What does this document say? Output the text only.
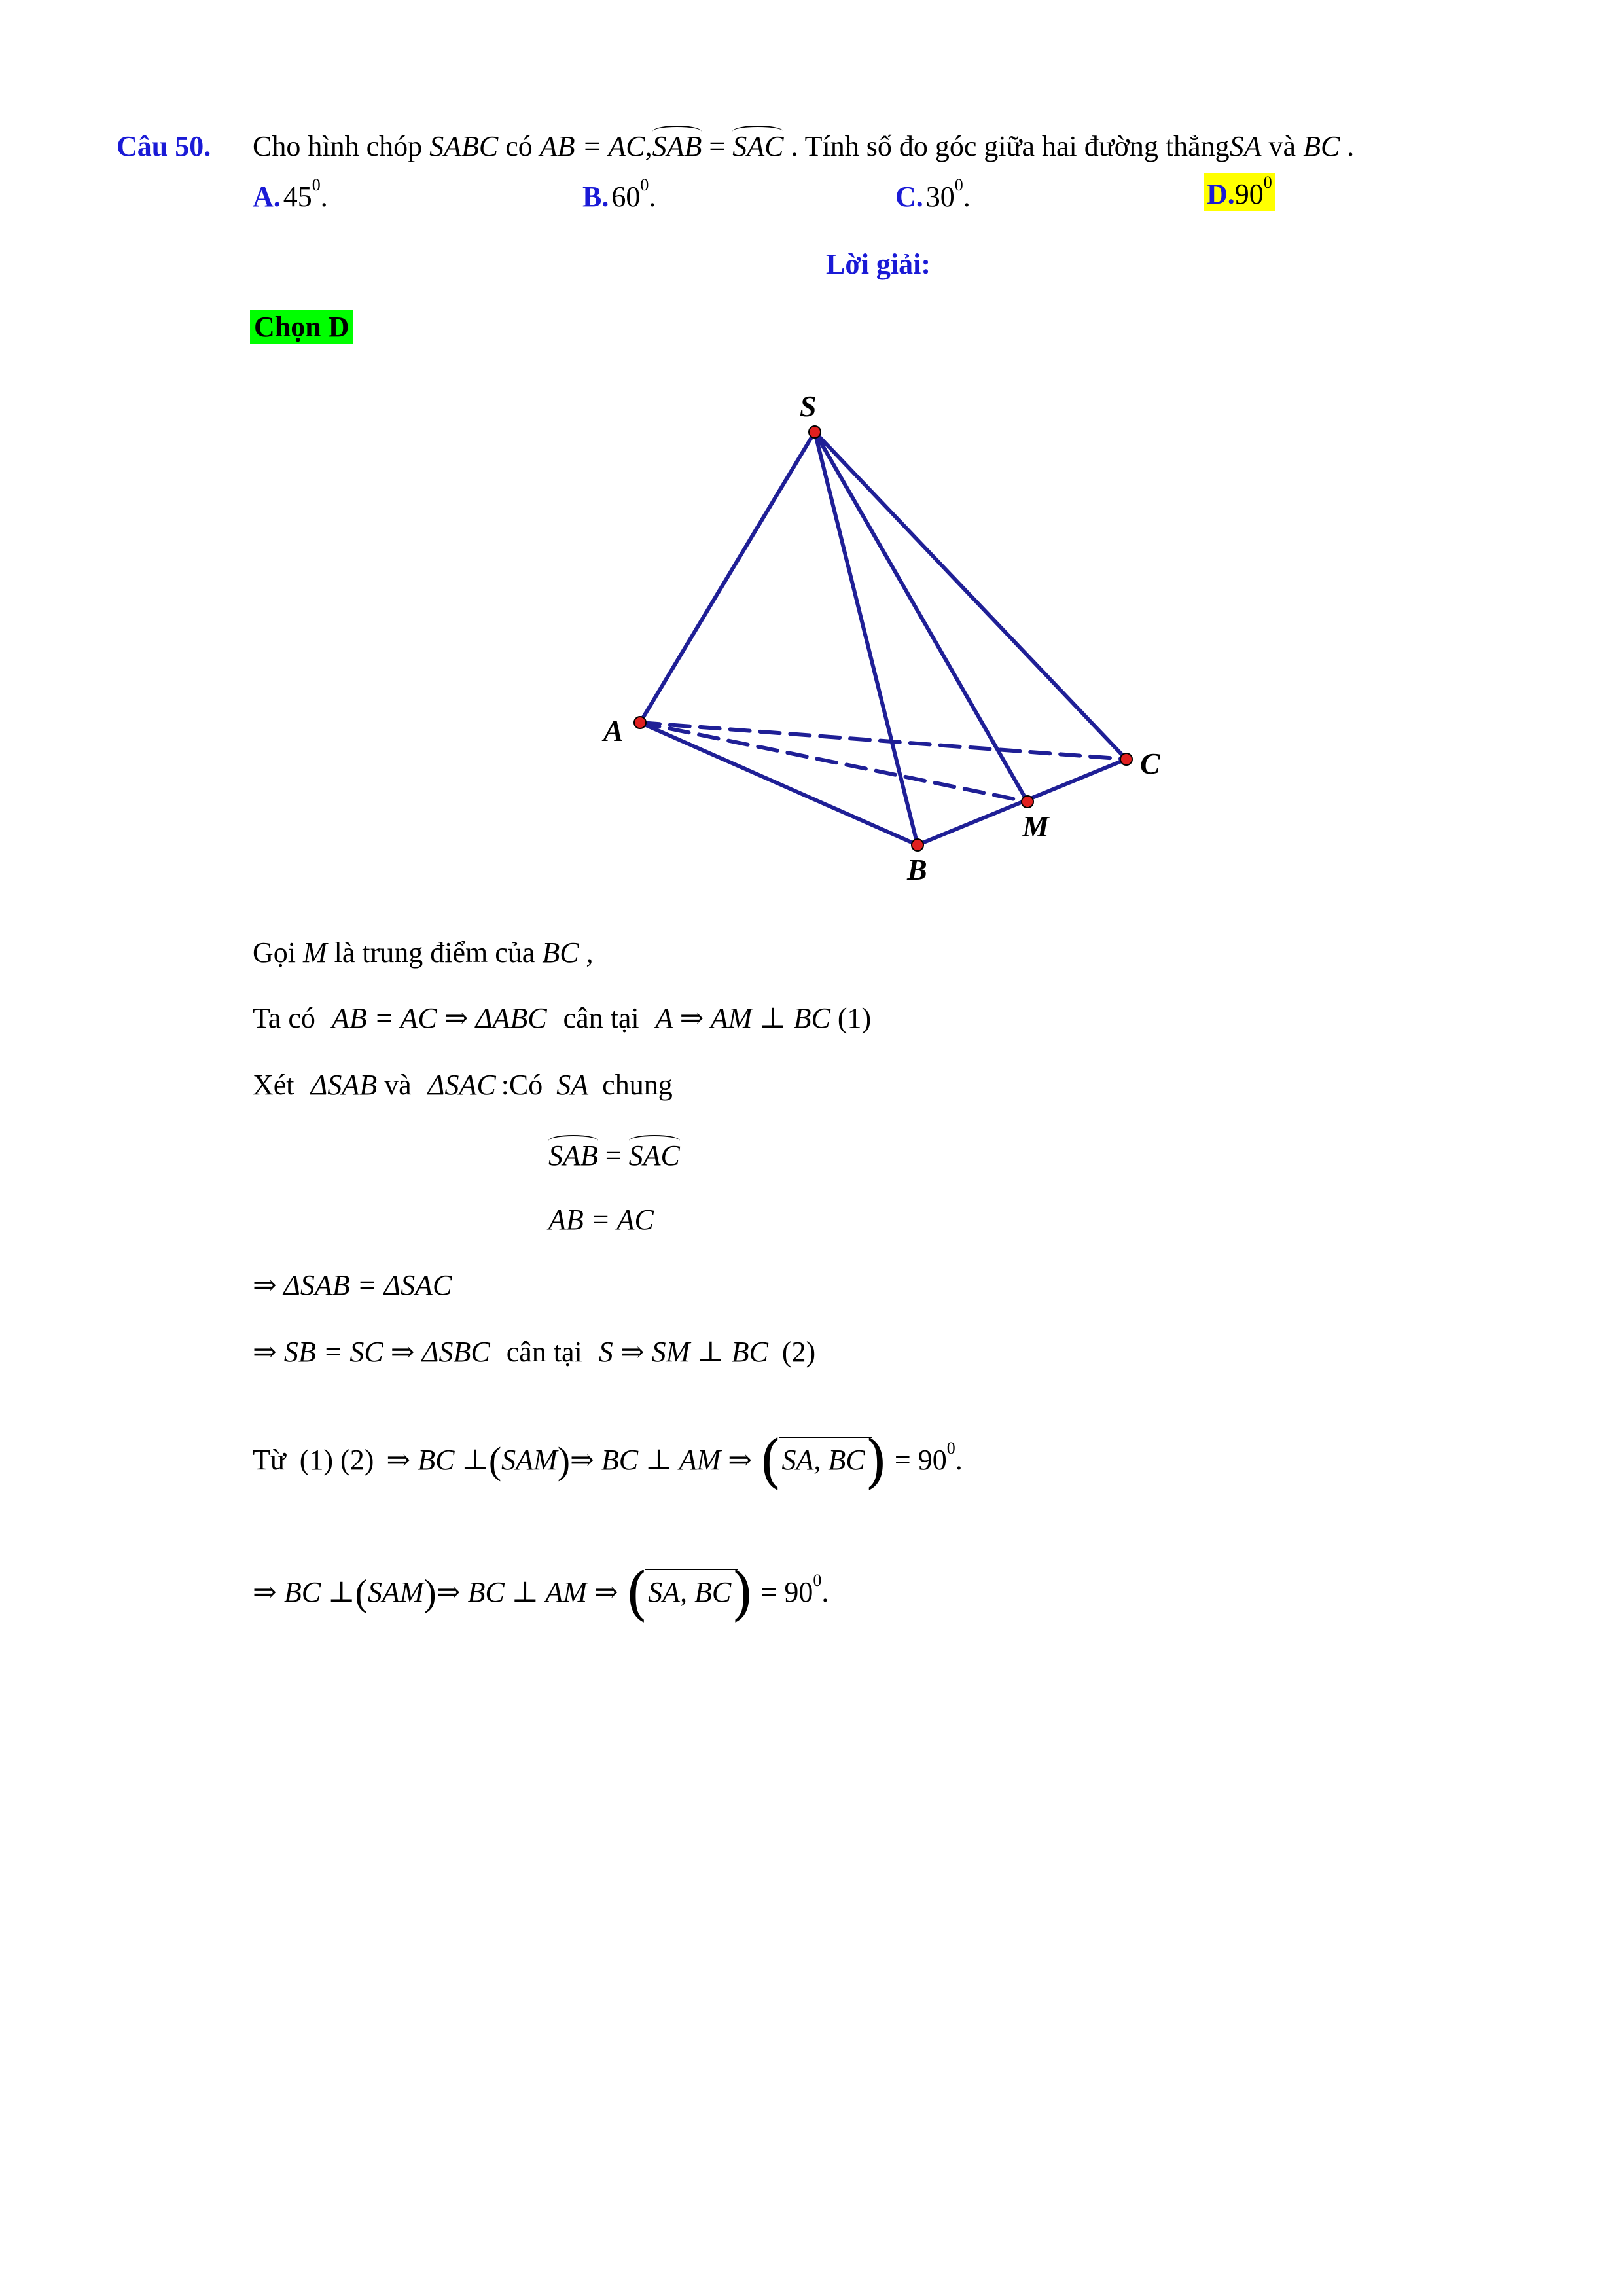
Câu 50. Cho hình chóp SABC có AB = AC,SAB = SAC . Tính số đo góc giữa hai đường thẳngSA và BC .
A. 450.	B. 600.	C. 300.	D.900
Lời giải:
Chọn D
S
A
B
C
M
Gọi M là trung điểm của BC ,
Ta có AB = AC ⇒ ΔABC cân tại A ⇒ AM ⊥ BC (1)
Xét ΔSAB và ΔSAC :Có SA chung
SAB = SAC
AB = AC
⇒ ΔSAB = ΔSAC
⇒ SB = SC ⇒ ΔSBC cân tại S ⇒ SM ⊥ BC (2)
Từ (1) (2) ⇒ BC ⊥(SAM)⇒ BC ⊥ AM ⇒ (SA, $BC) = 90^0$.
⇒ BC ⊥(SAM)⇒ BC ⊥ AM ⇒ (SA, $BC) = 90^0$.
